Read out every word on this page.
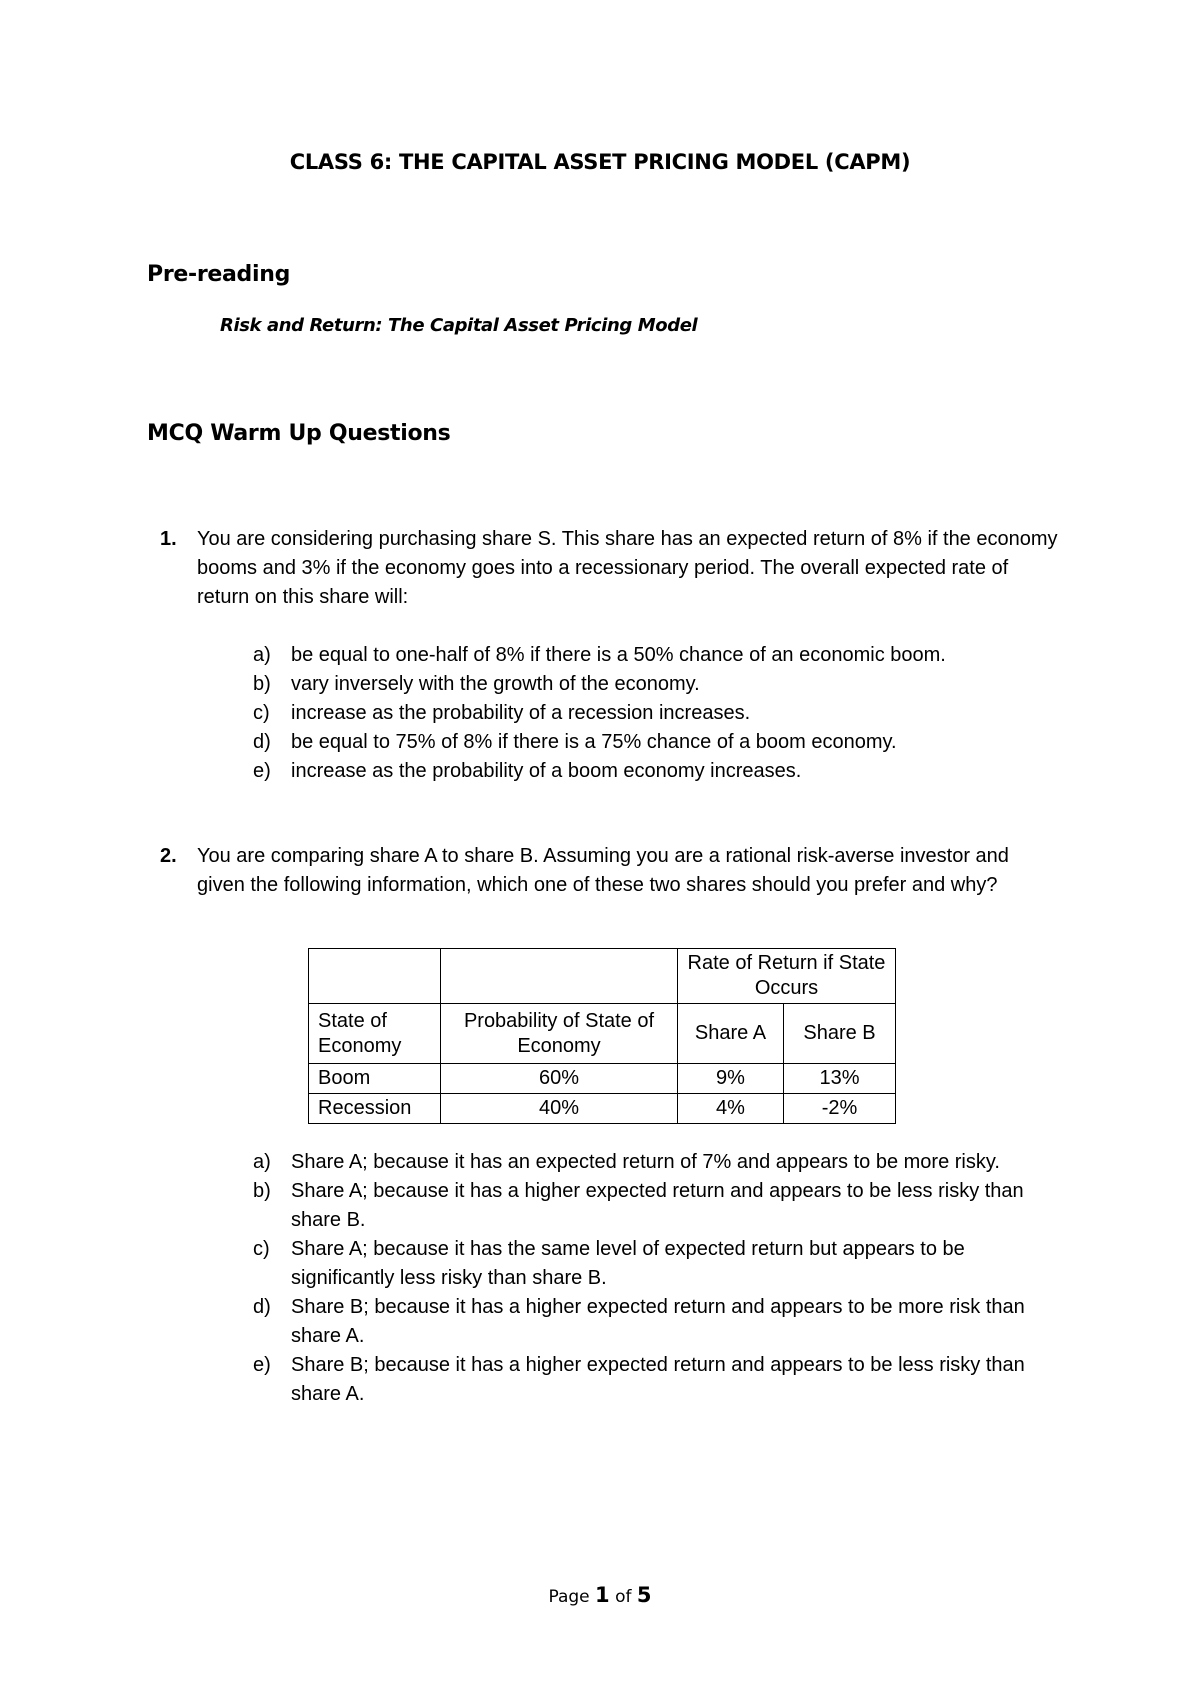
CLASS 6: THE CAPITAL ASSET PRICING MODEL (CAPM)
Pre-reading
Risk and Return: The Capital Asset Pricing Model
MCQ Warm Up Questions
1. You are considering purchasing share S. This share has an expected return of 8% if the economy booms and 3% if the economy goes into a recessionary period. The overall expected rate of return on this share will:
a)	be equal to one-half of 8% if there is a 50% chance of an economic boom.
b)	vary inversely with the growth of the economy.
c)	increase as the probability of a recession increases.
d)	be equal to 75% of 8% if there is a 75% chance of a boom economy.
e)	increase as the probability of a boom economy increases.
2. You are comparing share A to share B. Assuming you are a rational risk-averse investor and given the following information, which one of these two shares should you prefer and why?
		Rate of Return if State Occurs	
State of Economy	Probability of State of Economy	Share A	Share B
Boom	60%	9%	13%
Recession	40%	4%	-2%
a)	Share A; because it has an expected return of 7% and appears to be more risky.
b)	Share A; because it has a higher expected return and appears to be less risky than share B.
c)	Share A; because it has the same level of expected return but appears to be significantly less risky than share B.
d)	Share B; because it has a higher expected return and appears to be more risk than share A.
e)	Share B; because it has a higher expected return and appears to be less risky than share A.
Page 1 of 5
